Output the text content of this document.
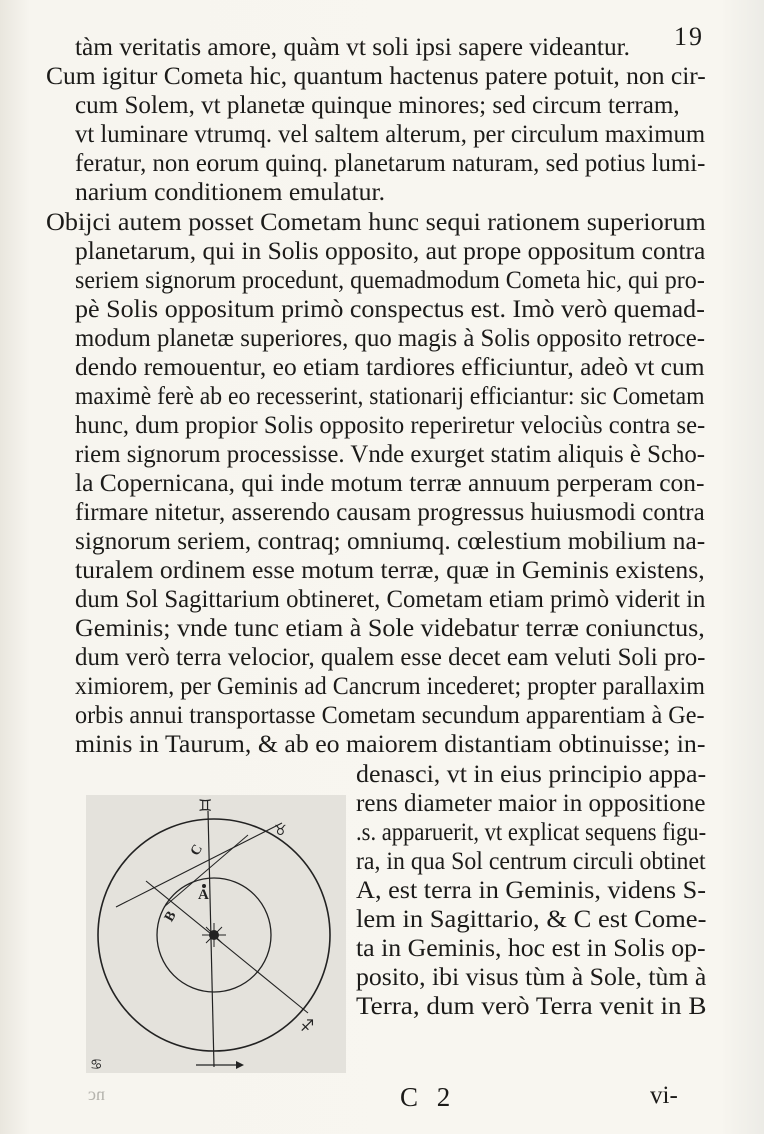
19
tàm veritatis amore, quàm vt soli ipsi sapere videantur.
Cum igitur Cometa hic, quantum hactenus patere potuit, non cir-
cum Solem, vt planetæ quinque minores; sed circum terram,
vt luminare vtrumq. vel saltem alterum, per circulum maximum
feratur, non eorum quinq. planetarum naturam, sed potius lumi-
narium conditionem emulatur.
Obijci autem posset Cometam hunc sequi rationem superiorum
planetarum, qui in Solis opposito, aut prope oppositum contra
seriem signorum procedunt, quemadmodum Cometa hic, qui pro-
pè Solis oppositum primò conspectus est. Imò verò quemad-
modum planetæ superiores, quo magis à Solis opposito retroce-
dendo remouentur, eo etiam tardiores efficiuntur, adeò vt cum
maximè ferè ab eo recesserint, stationarij efficiantur: sic Cometam
hunc, dum propior Solis opposito reperiretur velociùs contra se-
riem signorum processisse. Vnde exurget statim aliquis è Scho-
la Copernicana, qui inde motum terræ annuum perperam con-
firmare nitetur, asserendo causam progressus huiusmodi contra
signorum seriem, contraq; omniumq. cœlestium mobilium na-
turalem ordinem esse motum terræ, quæ in Geminis existens,
dum Sol Sagittarium obtineret, Cometam etiam primò viderit in
Geminis; vnde tunc etiam à Sole videbatur terræ coniunctus,
dum verò terra velocior, qualem esse decet eam veluti Soli pro-
ximiorem, per Geminis ad Cancrum incederet; propter parallaxim
orbis annui transportasse Cometam secundum apparentiam à Ge-
minis in Taurum, & ab eo maiorem distantiam obtinuisse; in-
denasci, vt in eius principio appa-
rens diameter maior in oppositione
.s. apparuerit, vt explicat sequens figu-
ra, in qua Sol centrum circuli obtinet
A, est terra in Geminis, videns S-
lem in Sagittario, & C est Come-
ta in Geminis, hoc est in Solis op-
posito, ibi visus tùm à Sole, tùm à
Terra, dum verò Terra venit in B
♊
♉
♐
♋
A
B
C
nc	C 2	vi-
